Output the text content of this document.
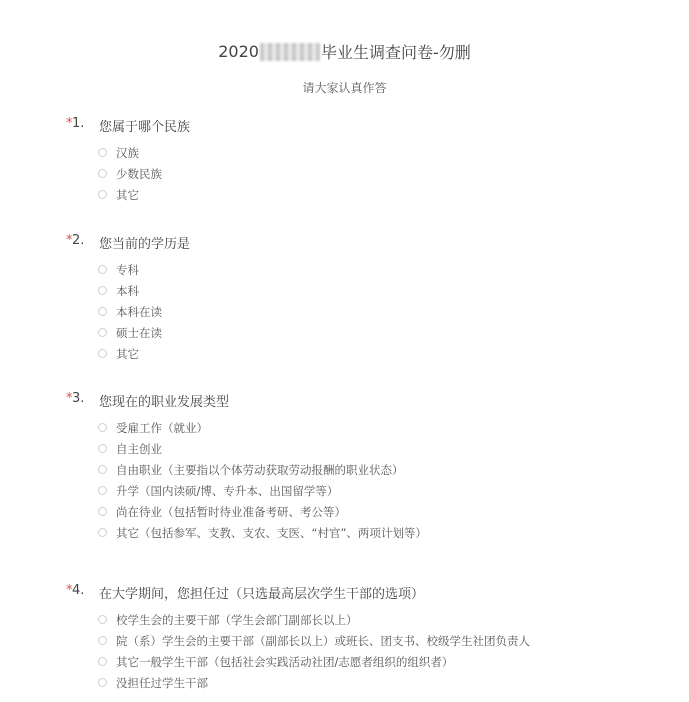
2020	毕业生调查问卷-勿删
请大家认真作答
* 1. 您属于哪个民族
汉族
少数民族
其它
* 2. 您当前的学历是
专科
本科
本科在读
硕士在读
其它
* 3. 您现在的职业发展类型
受雇工作（就业）
自主创业
自由职业（主要指以个体劳动获取劳动报酬的职业状态）
升学（国内读硕/博、专升本、出国留学等）
尚在待业（包括暂时待业准备考研、考公等）
其它（包括参军、支教、支农、支医、“村官”、两项计划等）
* 4. 在大学期间，您担任过（只选最高层次学生干部的选项）
校学生会的主要干部（学生会部门副部长以上）
院（系）学生会的主要干部（副部长以上）或班长、团支书、校级学生社团负责人
其它一般学生干部（包括社会实践活动社团/志愿者组织的组织者）
没担任过学生干部
